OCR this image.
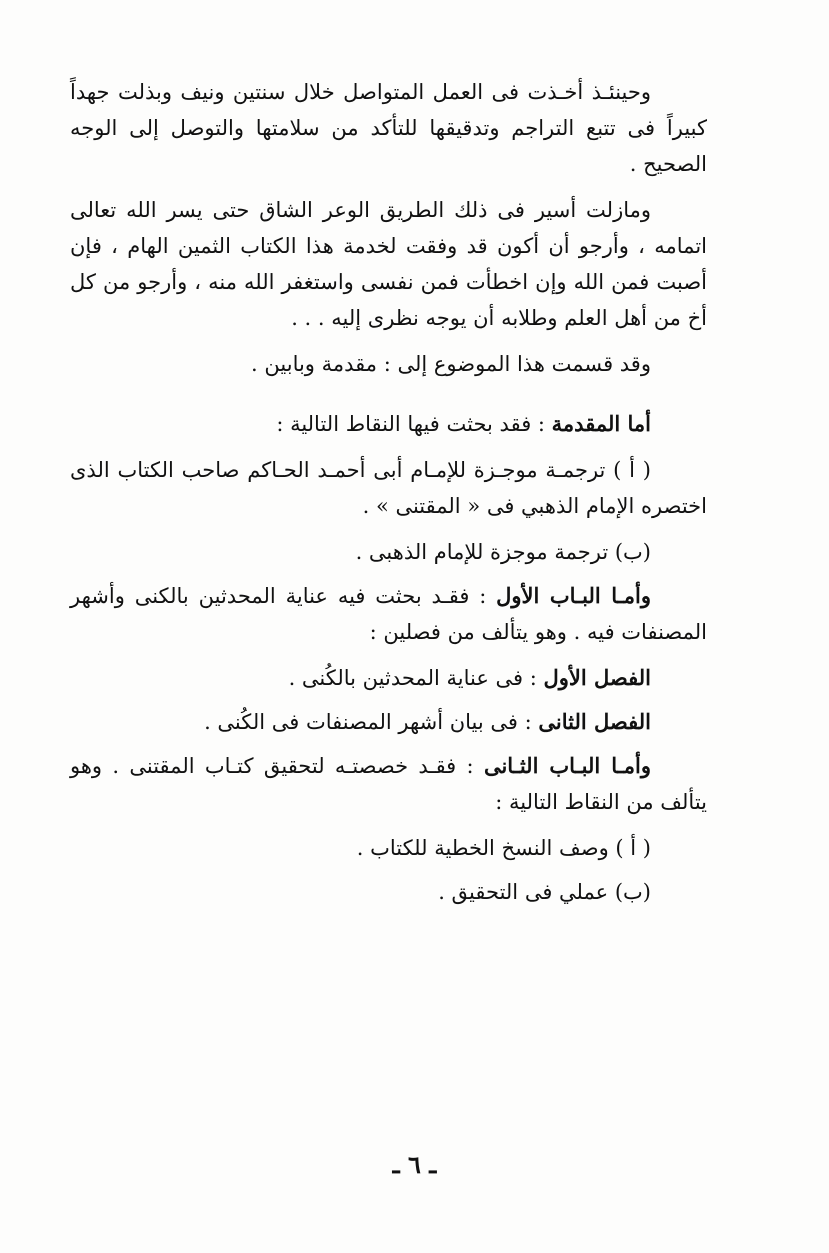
وحينئـذ أخـذت فى العمل المتواصل خلال سنتين ونيف وبذلت جهداً كبيراً فى تتبع التراجم وتدقيقها للتأكد من سلامتها والتوصل إلى الوجه الصحيح .

ومازلت أسير فى ذلك الطريق الوعر الشاق حتى يسر الله تعالى اتمامه ، وأرجو أن أكون قد وفقت لخدمة هذا الكتاب الثمين الهام ، فإن أصبت فمن الله وإن اخطأت فمن نفسى واستغفر الله منه ، وأرجو من كل أخ من أهل العلم وطلابه أن يوجه نظرى إليه . . .

وقد قسمت هذا الموضوع إلى : مقدمة وبابين .

أما المقدمة : فقد بحثت فيها النقاط التالية :

( أ ) ترجمـة موجـزة للإمـام أبى أحمـد الحـاكم صاحب الكتاب الذى اختصره الإمام الذهبي فى « المقتنى » .

(ب) ترجمة موجزة للإمام الذهبى .

وأمـا البـاب الأول : فقـد بحثت فيه عناية المحدثين بالكنى وأشهر المصنفات فيه . وهو يتألف من فصلين :

الفصل الأول : فى عناية المحدثين بالكُنى .

الفصل الثانى : فى بيان أشهر المصنفات فى الكُنى .

وأمـا البـاب الثـانى : فقـد خصصتـه لتحقيق كتـاب المقتنى . وهو يتألف من النقاط التالية :

( أ ) وصف النسخ الخطية للكتاب .

(ب) عملي فى التحقيق .

ـ ٦ ـ
